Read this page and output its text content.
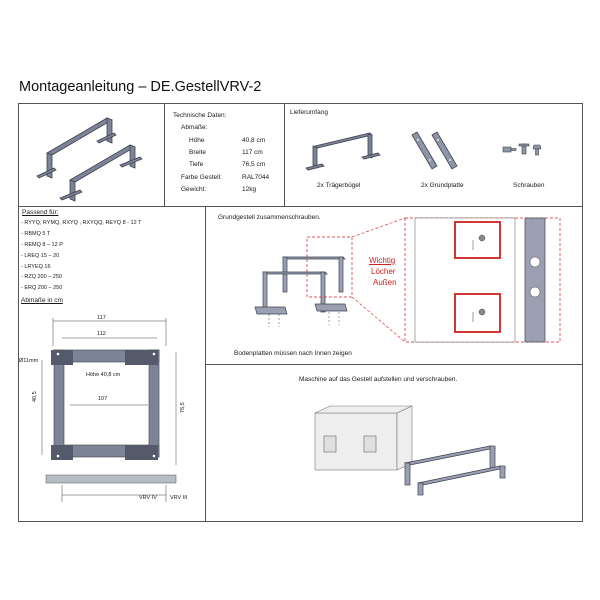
Montageanleitung – DE.GestellVRV-2
Technische Daten:
Abmaße:
Höhe	40,8 cm
Breite	117 cm
Tiefe	76,5 cm
Farbe Gestell:	RAL7044
Gewicht:	12kg
Lieferumfang
2x Trägerbügel	2x Grundplatte	Schrauben
Passend für:
- RYYQ, RYMQ, RXYQ , RXYQQ, REYQ 8 - 12 T
- RBMQ 5 T
- REMQ 8 – 12 P
- LREQ 15 – 20
- LRYEQ 16
- RZQ 200 – 250
- ERQ 200 – 250
Abmaße in cm
117
112
Ø11mm
Höhe 40,8 cm
107
40,5
76,5
VRV IV VRV III
Grundgestell zusammenschrauben.
Wichtig
Löcher
Außen
Bodenplatten müssen nach Innen zeigen
Maschine auf das Gestell aufstellen und verschrauben.
